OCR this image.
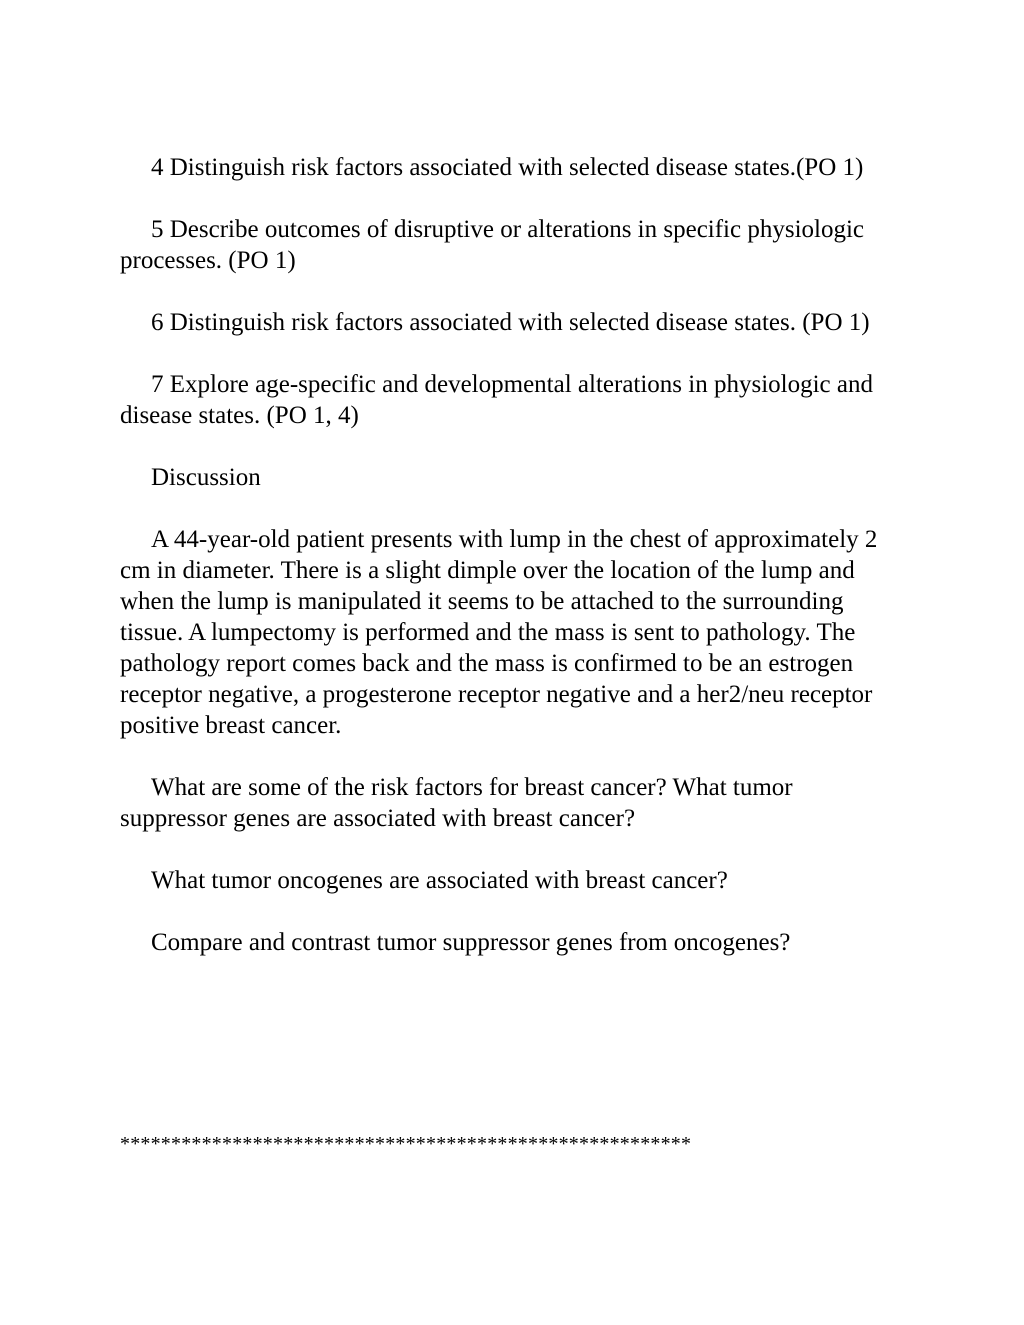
4 Distinguish risk factors associated with selected disease states.(PO 1)

5 Describe outcomes of disruptive or alterations in specific physiologic processes. (PO 1)

6 Distinguish risk factors associated with selected disease states. (PO 1)

7 Explore age-specific and developmental alterations in physiologic and disease states. (PO 1, 4)

Discussion

A 44-year-old patient presents with lump in the chest of approximately 2 cm in diameter. There is a slight dimple over the location of the lump and when the lump is manipulated it seems to be attached to the surrounding tissue. A lumpectomy is performed and the mass is sent to pathology. The pathology report comes back and the mass is confirmed to be an estrogen receptor negative, a progesterone receptor negative and a her2/neu receptor positive breast cancer.

What are some of the risk factors for breast cancer? What tumor suppressor genes are associated with breast cancer?

What tumor oncogenes are associated with breast cancer?

Compare and contrast tumor suppressor genes from oncogenes?

********************************************************
